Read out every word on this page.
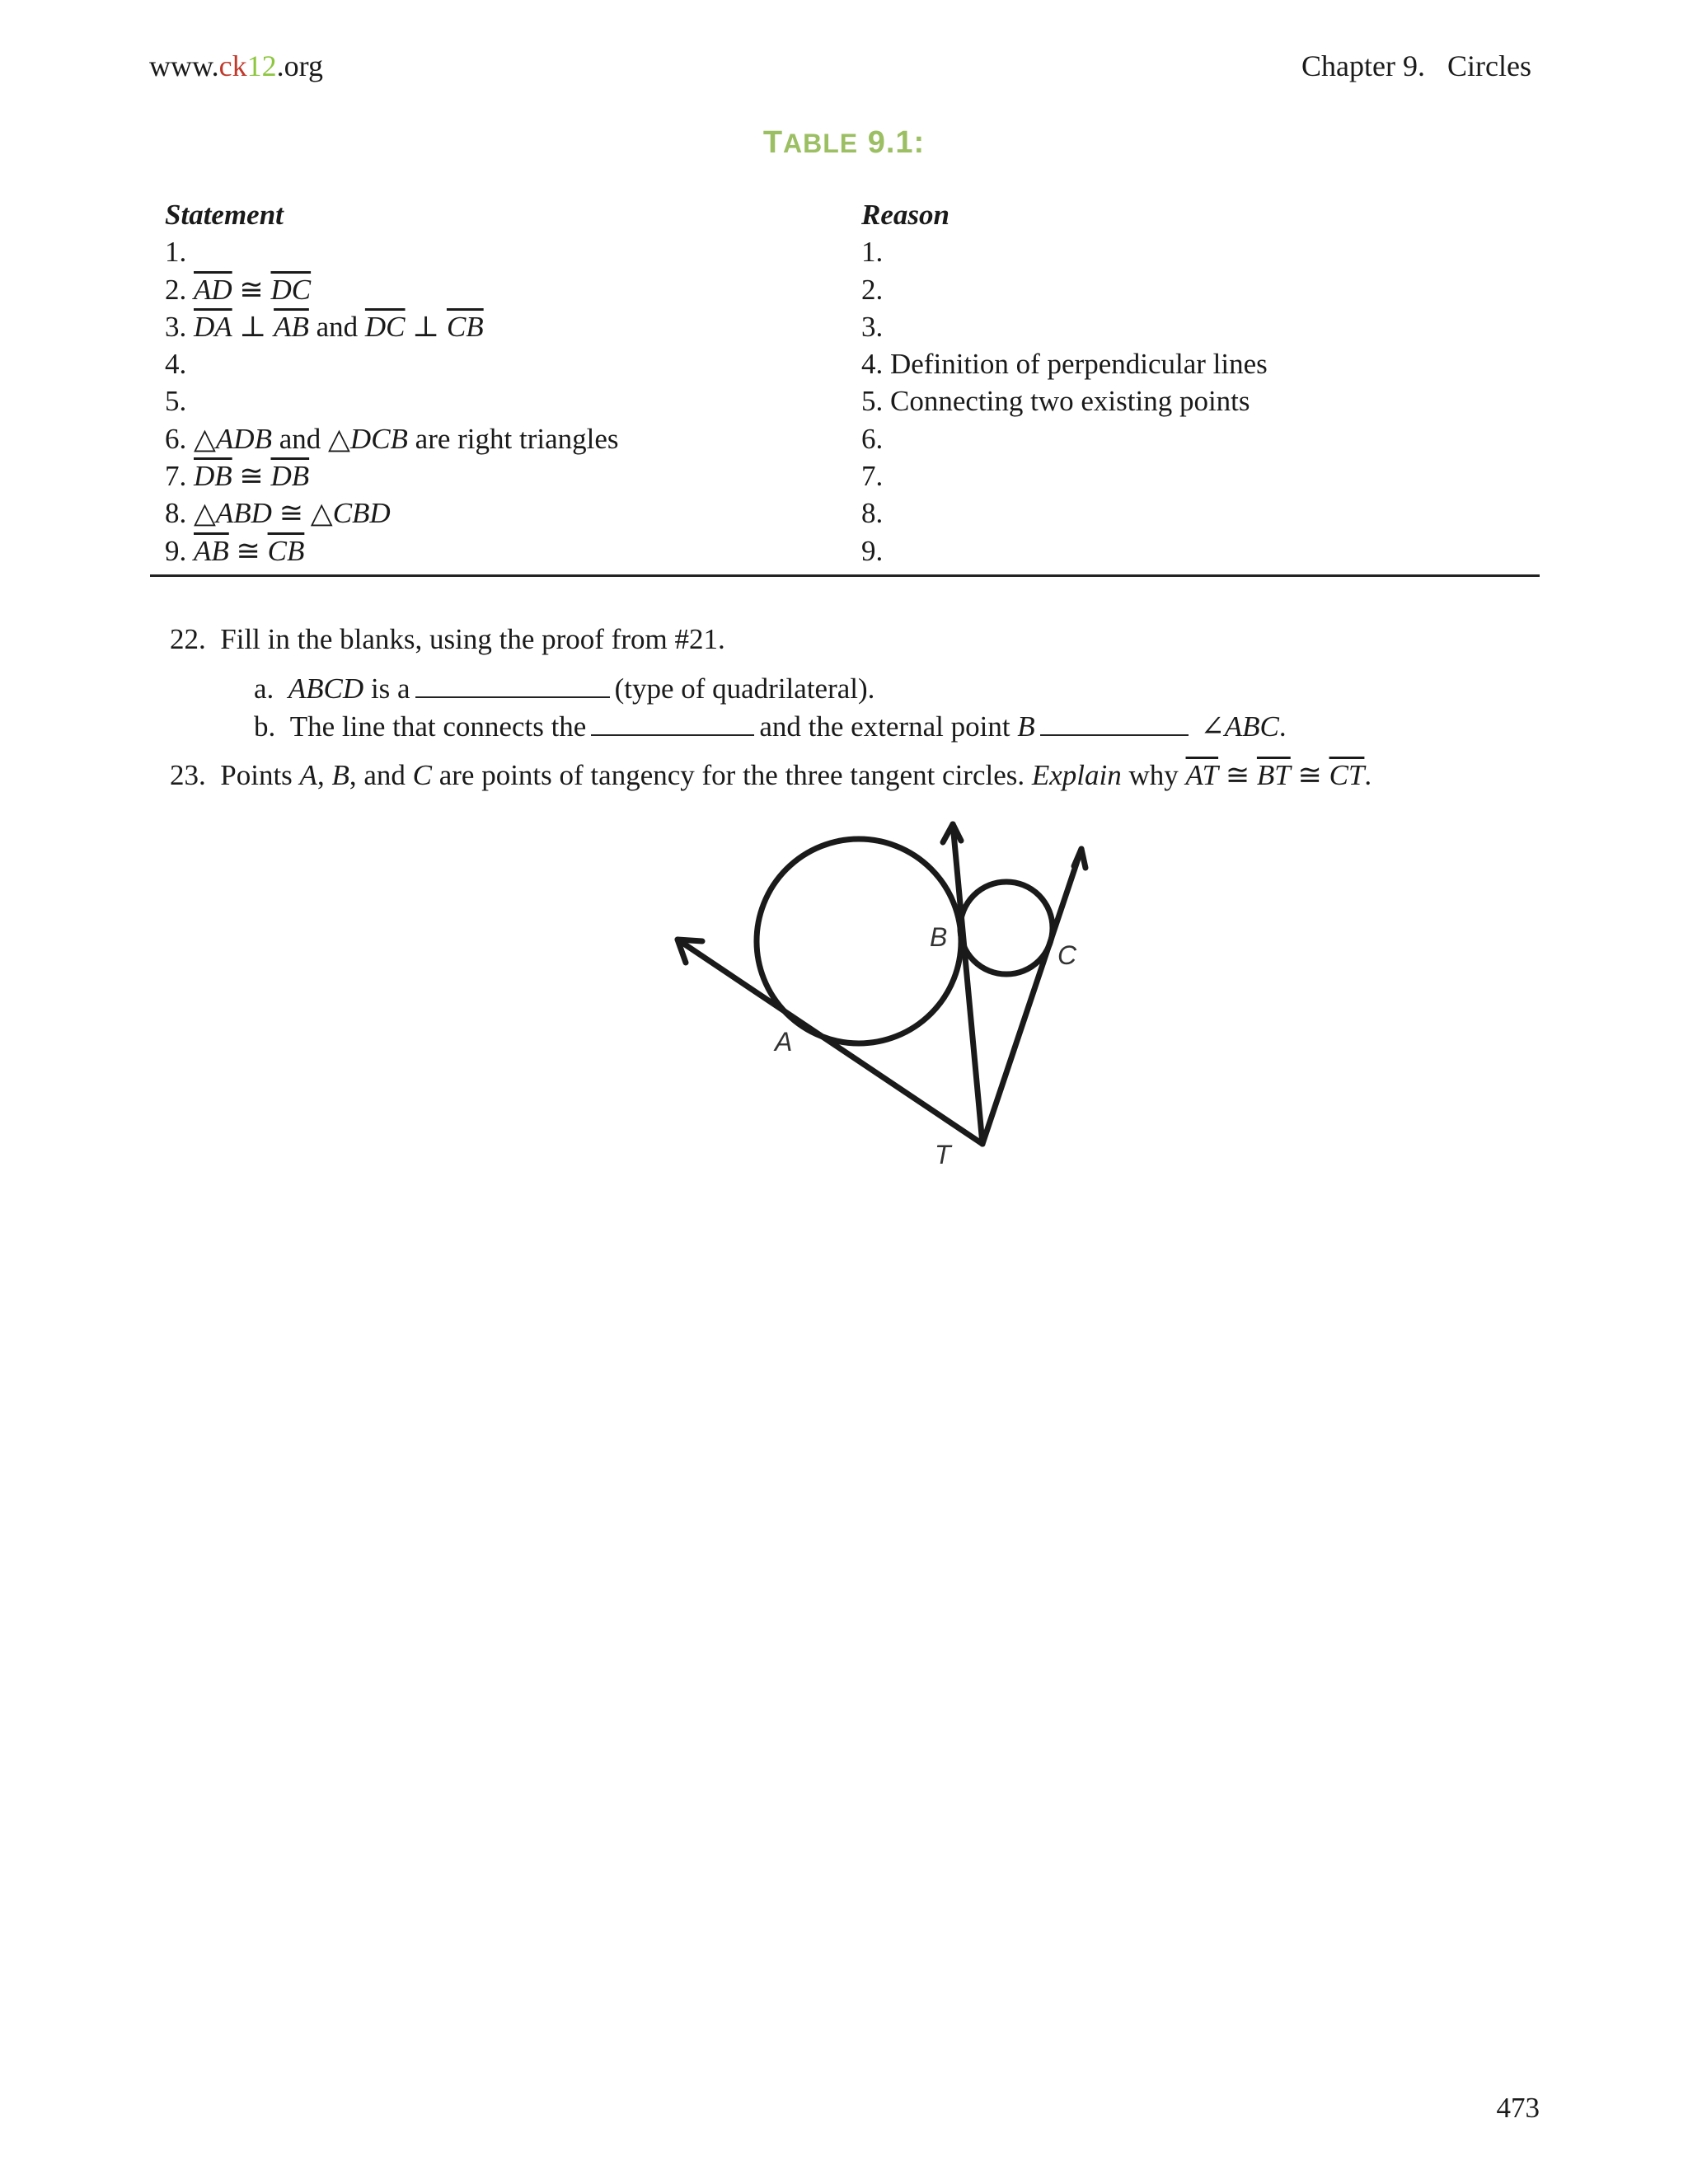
www.ck12.org	Chapter 9. Circles
TABLE 9.1:
Statement	Reason
1.	1.
2. $\overline{AD}$ ≅ $\overline{DC}$	2.
3. $\overline{DA}$ ⊥ $\overline{AB}$ and $\overline{DC}$ ⊥ $\overline{CB}$	3.
4.	4. Definition of perpendicular lines
5.	5. Connecting two existing points
6. △ADB and △DCB are right triangles	6.
7. $\overline{DB}$ ≅ $\overline{DB}$	7.
8. △ABD ≅ △CBD	8.
9. $\overline{AB}$ ≅ $\overline{CB}$	9.
22. Fill in the blanks, using the proof from #21.
a. ABCD is a	(type of quadrilateral).
b. The line that connects the	and the external point B	∠ABC.
23. Points A, B, and C are points of tangency for the three tangent circles. Explain why $\overline{AT}$ ≅ $\overline{BT}$ ≅ $\overline{CT}$.
A
B
C
T
473
